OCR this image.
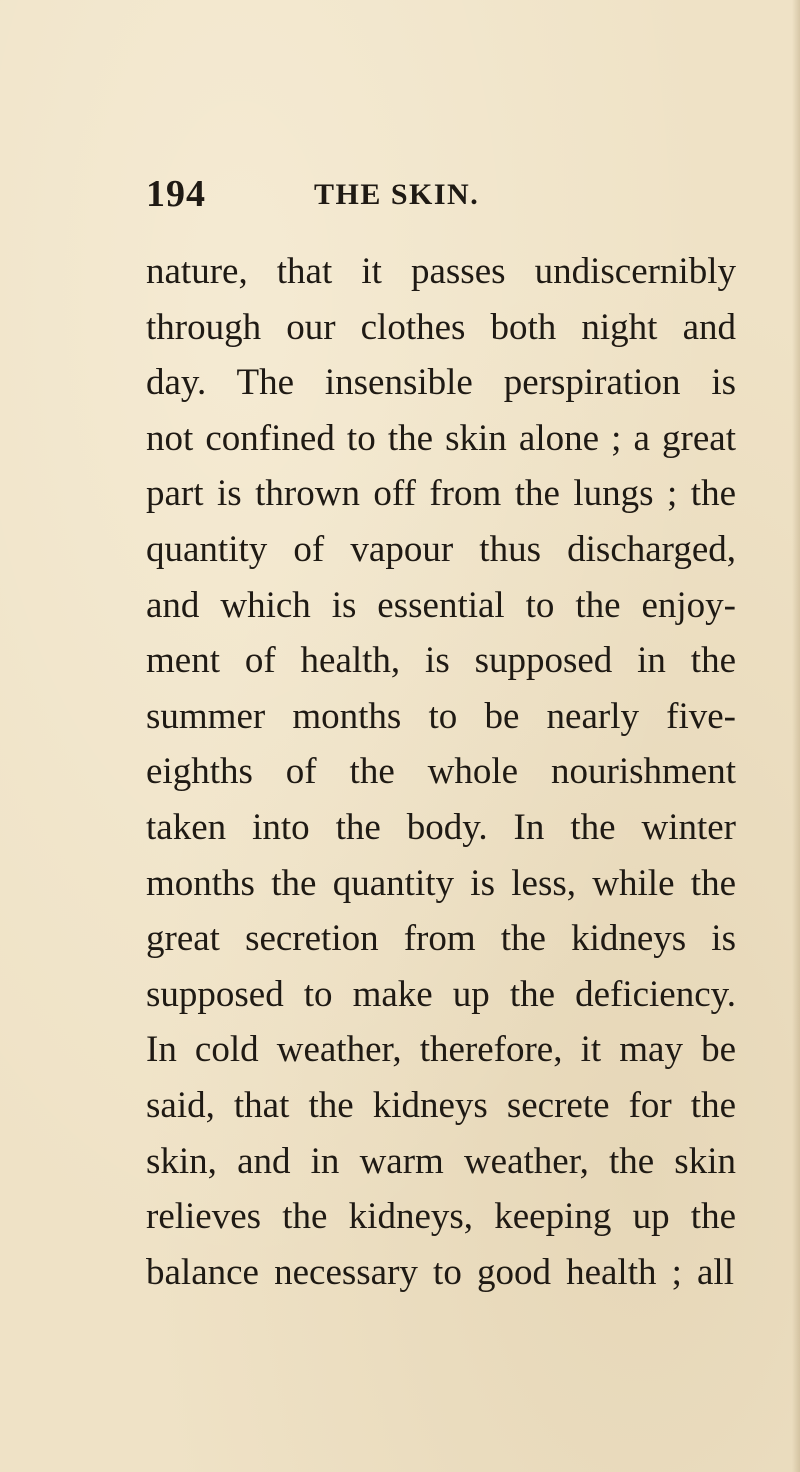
194	THE SKIN.
nature, that it passes undiscernibly
through our clothes both night and
day. The insensible perspiration is
not confined to the skin alone ; a great
part is thrown off from the lungs ; the
quantity of vapour thus discharged,
and which is essential to the enjoy-
ment of health, is supposed in the
summer months to be nearly five-
eighths of the whole nourishment
taken into the body. In the winter
months the quantity is less, while the
great secretion from the kidneys is
supposed to make up the deficiency.
In cold weather, therefore, it may be
said, that the kidneys secrete for the
skin, and in warm weather, the skin
relieves the kidneys, keeping up the
balance necessary to good health ; all
